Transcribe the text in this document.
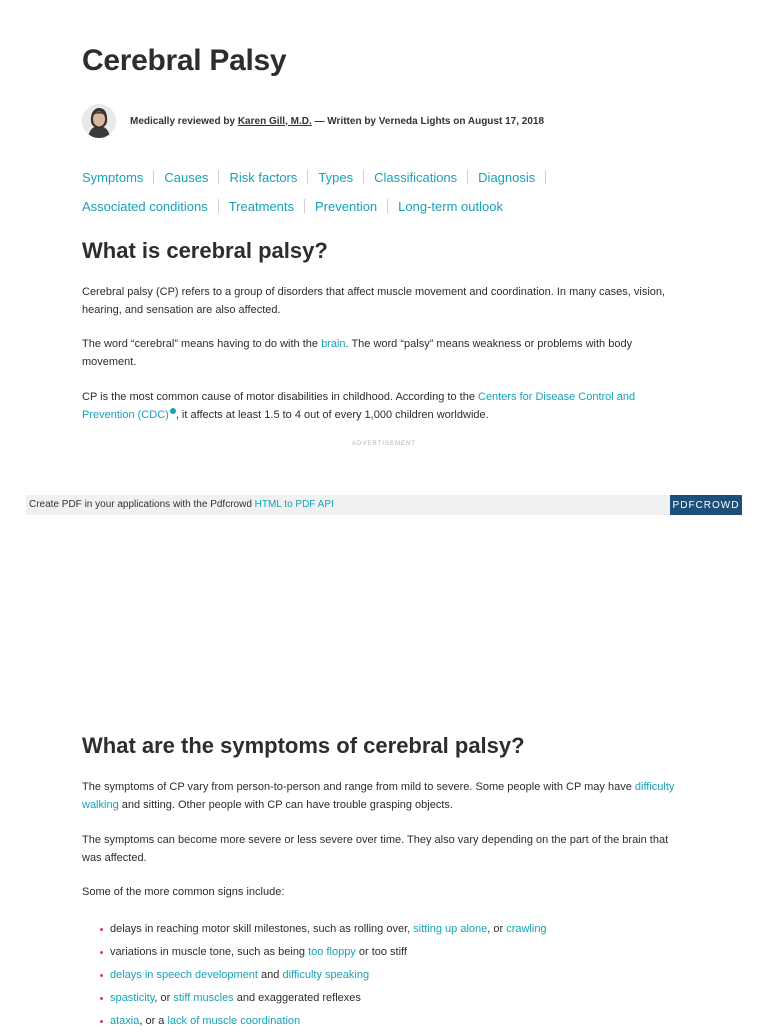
Cerebral Palsy
Medically reviewed by Karen Gill, M.D. — Written by Verneda Lights on August 17, 2018
Symptoms Causes Risk factors Types Classifications Diagnosis
Associated conditions Treatments Prevention Long-term outlook
What is cerebral palsy?

Cerebral palsy (CP) refers to a group of disorders that affect muscle movement and coordination. In many cases, vision, hearing, and sensation are also affected.

The word “cerebral” means having to do with the brain. The word “palsy” means weakness or problems with body movement.

CP is the most common cause of motor disabilities in childhood. According to the Centers for Disease Control and Prevention (CDC) , it affects at least 1.5 to 4 out of every 1,000 children worldwide.

ADVERTISEMENT
Create PDF in your applications with the Pdfcrowd HTML to PDF API	PDFCROWD
What are the symptoms of cerebral palsy?

The symptoms of CP vary from person-to-person and range from mild to severe. Some people with CP may have difficulty walking and sitting. Other people with CP can have trouble grasping objects.

The symptoms can become more severe or less severe over time. They also vary depending on the part of the brain that was affected.

Some of the more common signs include:

delays in reaching motor skill milestones, such as rolling over, sitting up alone, or crawling
variations in muscle tone, such as being too floppy or too stiff
delays in speech development and difficulty speaking
spasticity, or stiff muscles and exaggerated reflexes
ataxia, or a lack of muscle coordination
